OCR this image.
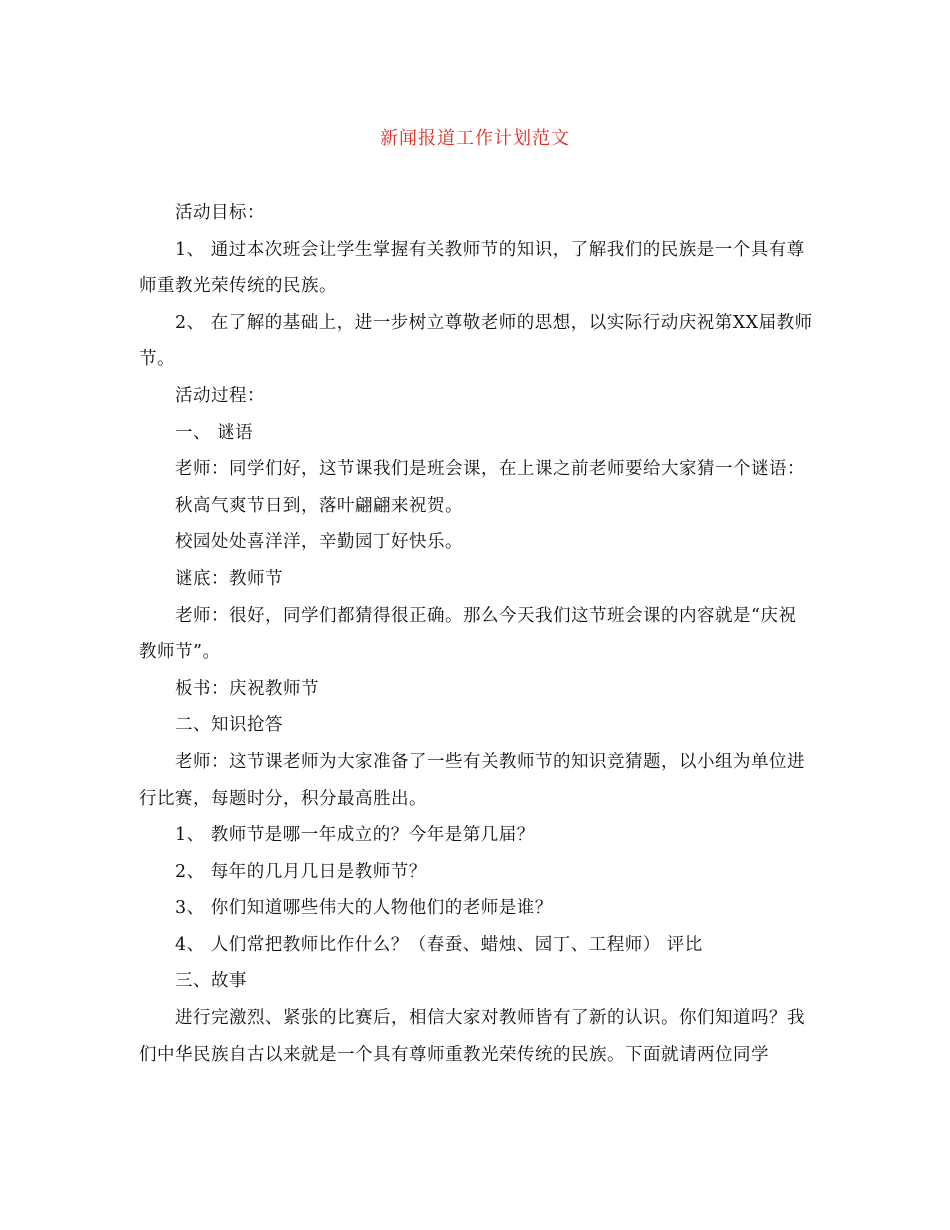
新闻报道工作计划范文

活动目标：

1、 通过本次班会让学生掌握有关教师节的知识，了解我们的民族是一个具有尊师重教光荣传统的民族。

2、 在了解的基础上，进一步树立尊敬老师的思想，以实际行动庆祝第XX届教师节。

活动过程：

一、 谜语

老师：同学们好，这节课我们是班会课，在上课之前老师要给大家猜一个谜语：

秋高气爽节日到，落叶翩翩来祝贺。

校园处处喜洋洋，辛勤园丁好快乐。

谜底：教师节

老师：很好，同学们都猜得很正确。那么今天我们这节班会课的内容就是“庆祝教师节”。

板书：庆祝教师节

二、知识抢答

老师：这节课老师为大家准备了一些有关教师节的知识竞猜题，以小组为单位进行比赛，每题时分，积分最高胜出。

1、 教师节是哪一年成立的？今年是第几届？

2、 每年的几月几日是教师节？

3、 你们知道哪些伟大的人物他们的老师是谁？

4、 人们常把教师比作什么？（春蚕、蜡烛、园丁、工程师） 评比

三、故事

进行完激烈、紧张的比赛后，相信大家对教师皆有了新的认识。你们知道吗？我们中华民族自古以来就是一个具有尊师重教光荣传统的民族。下面就请两位同学
